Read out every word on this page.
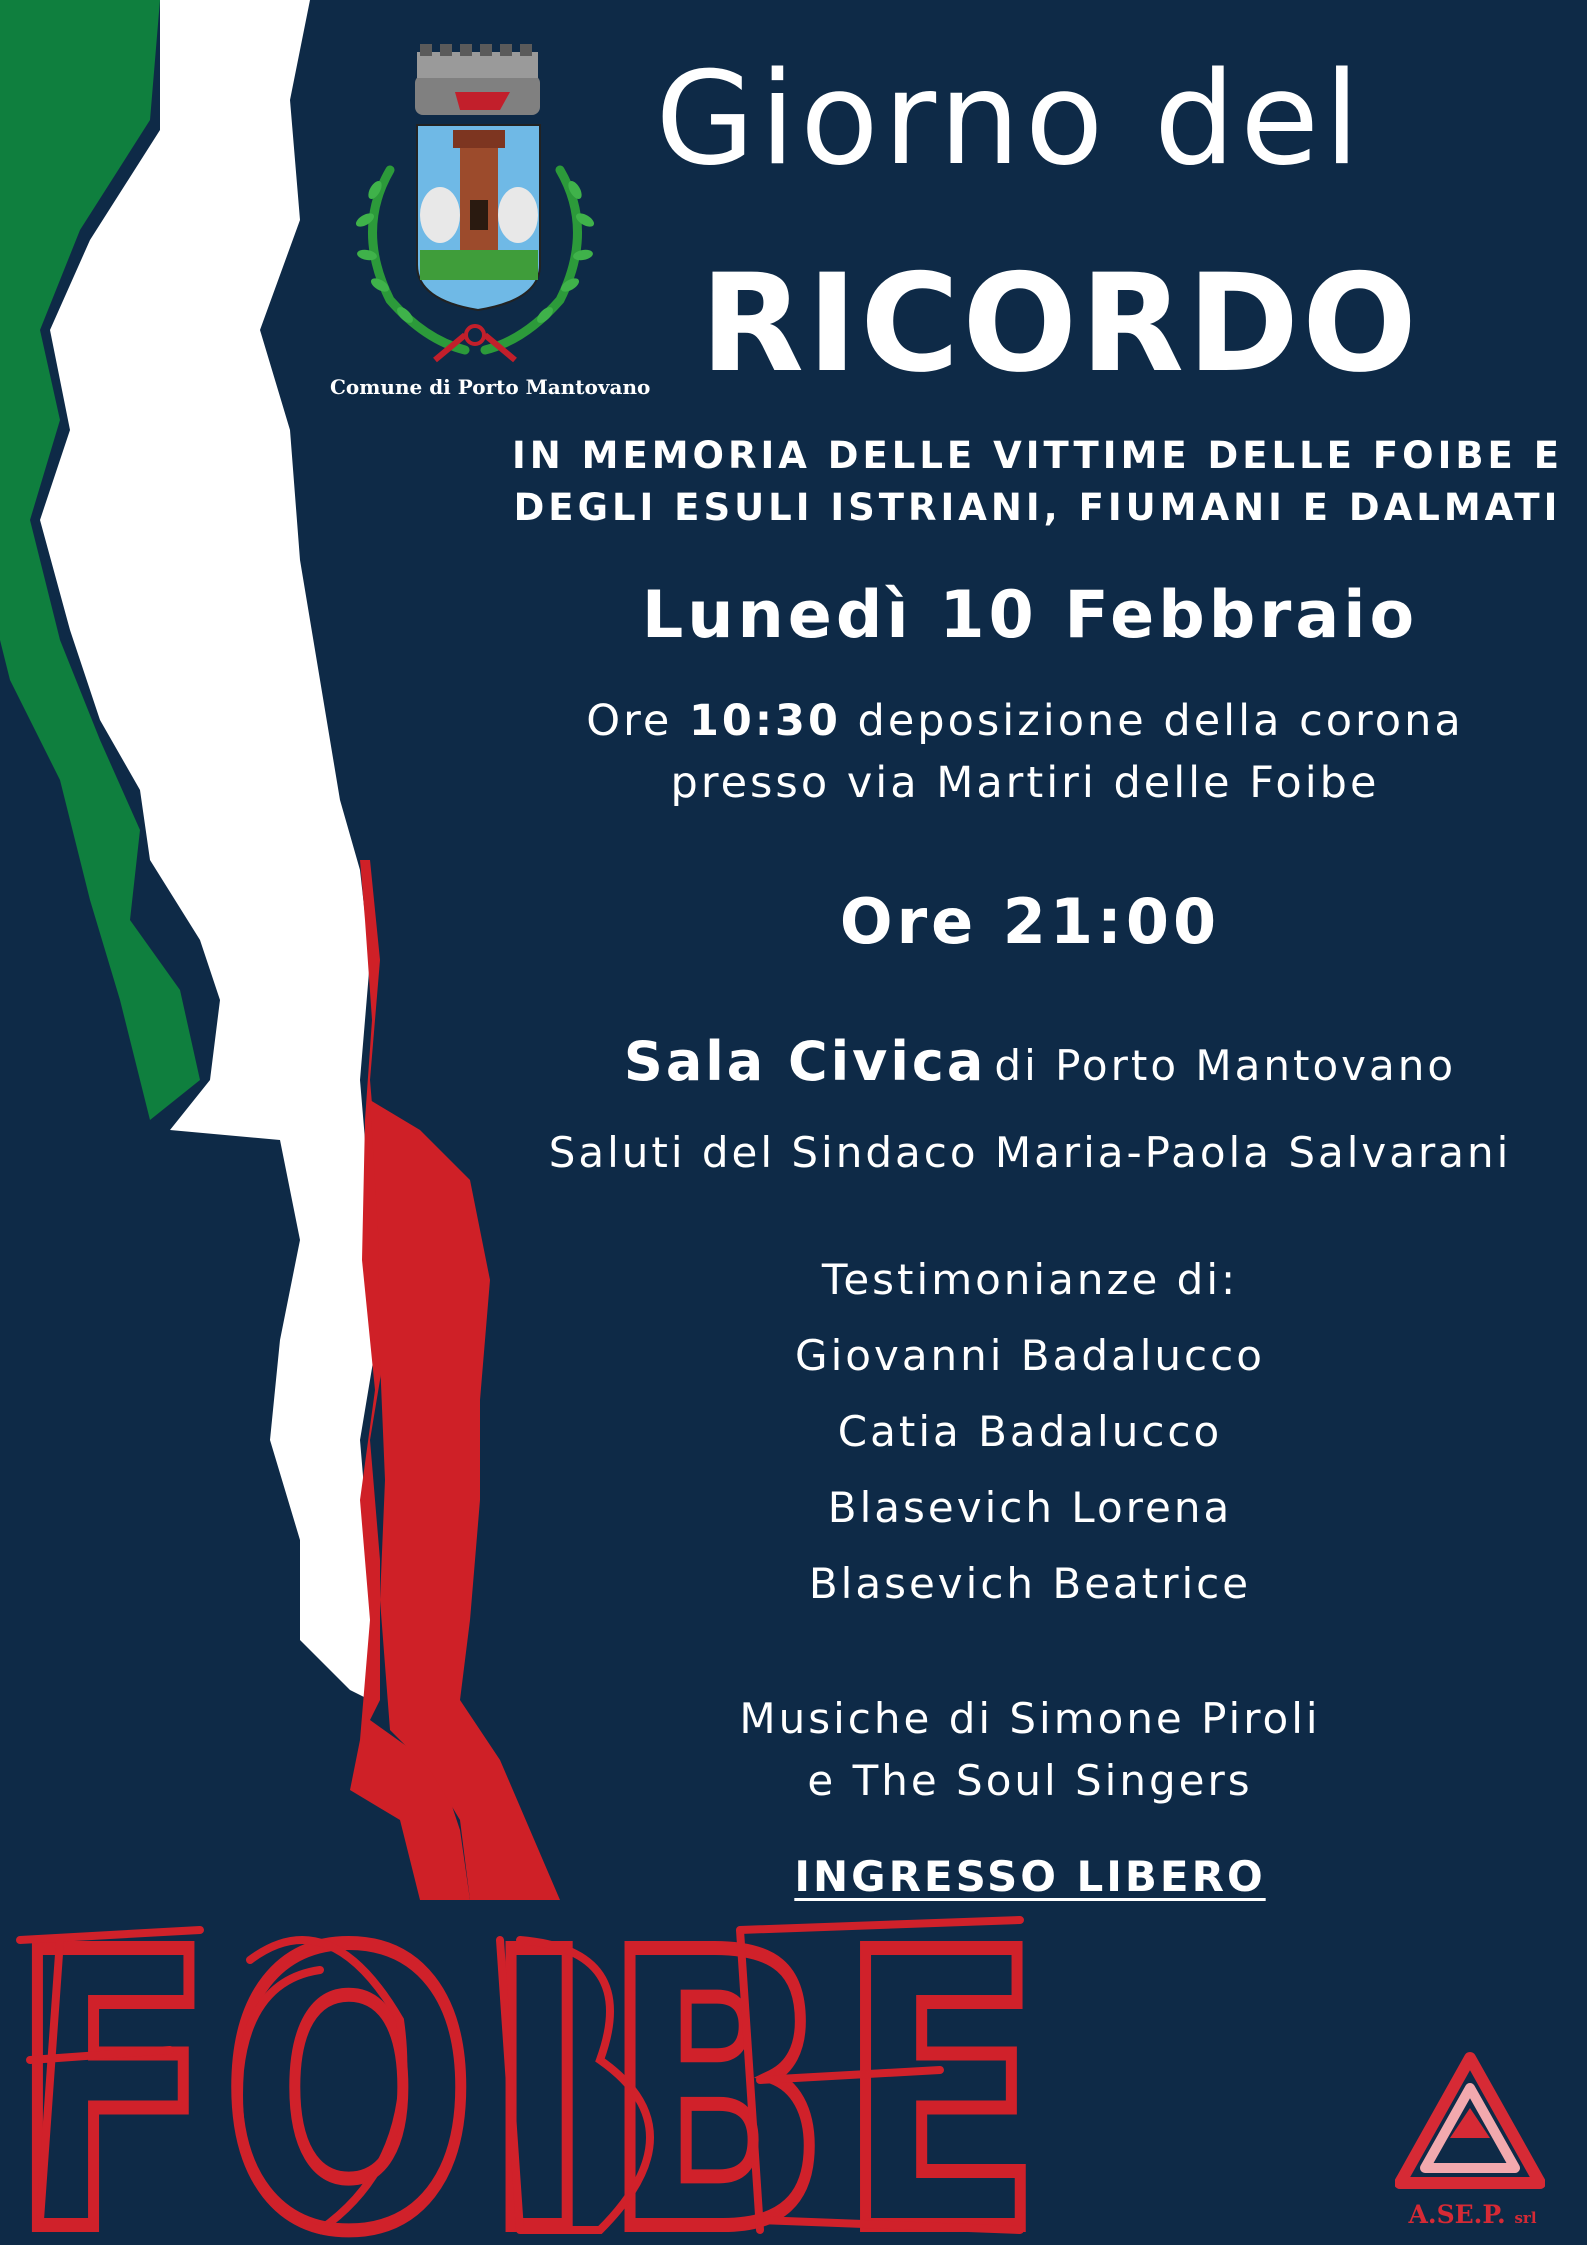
Comune di Porto Mantovano
Giorno del
RICORDO
IN MEMORIA DELLE VITTIME DELLE FOIBE E
DEGLI ESULI ISTRIANI, FIUMANI E DALMATI
Lunedì 10 Febbraio
Ore 10:30 deposizione della corona
presso via Martiri delle Foibe
Ore 21:00
Sala Civica di Porto Mantovano
Saluti del Sindaco Maria-Paola Salvarani
Testimonianze di:
Giovanni Badalucco
Catia Badalucco
Blasevich Lorena
Blasevich Beatrice
Musiche di Simone Piroli
e The Soul Singers
INGRESSO LIBERO
FOIBE	A.SE.P. srl
